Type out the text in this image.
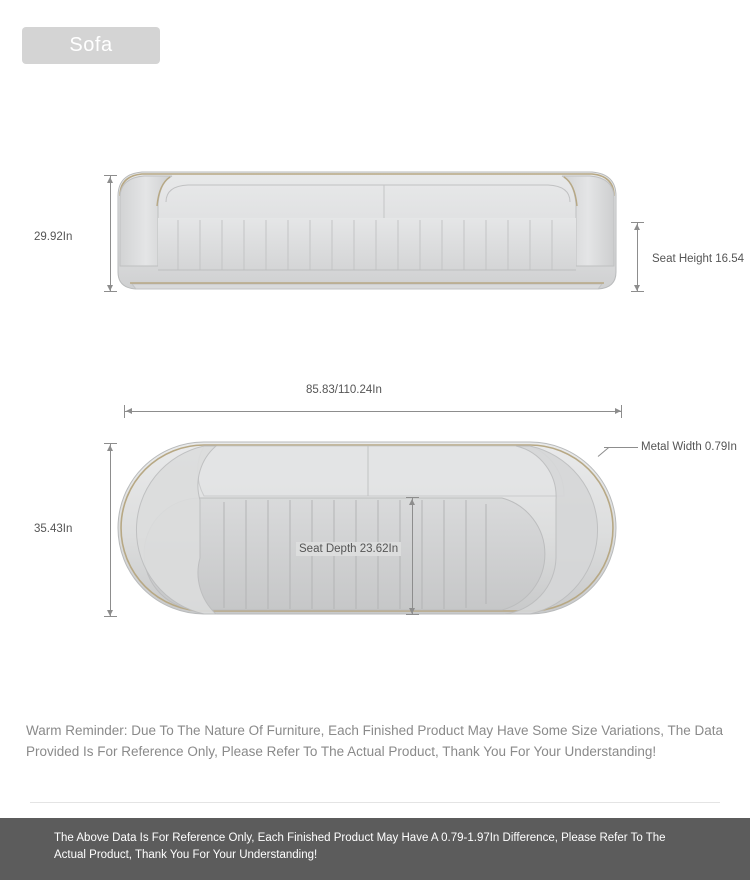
Sofa
29.92In
Seat Height 16.54
85.83/110.24In
35.43In
Metal Width 0.79In
Seat Depth 23.62In

Warm Reminder: Due To The Nature Of Furniture, Each Finished Product May Have Some Size Variations, The Data Provided Is For Reference Only, Please Refer To The Actual Product, Thank You For Your Understanding!

The Above Data Is For Reference Only, Each Finished Product May Have A 0.79-1.97In Difference, Please Refer To The Actual Product, Thank You For Your Understanding!
